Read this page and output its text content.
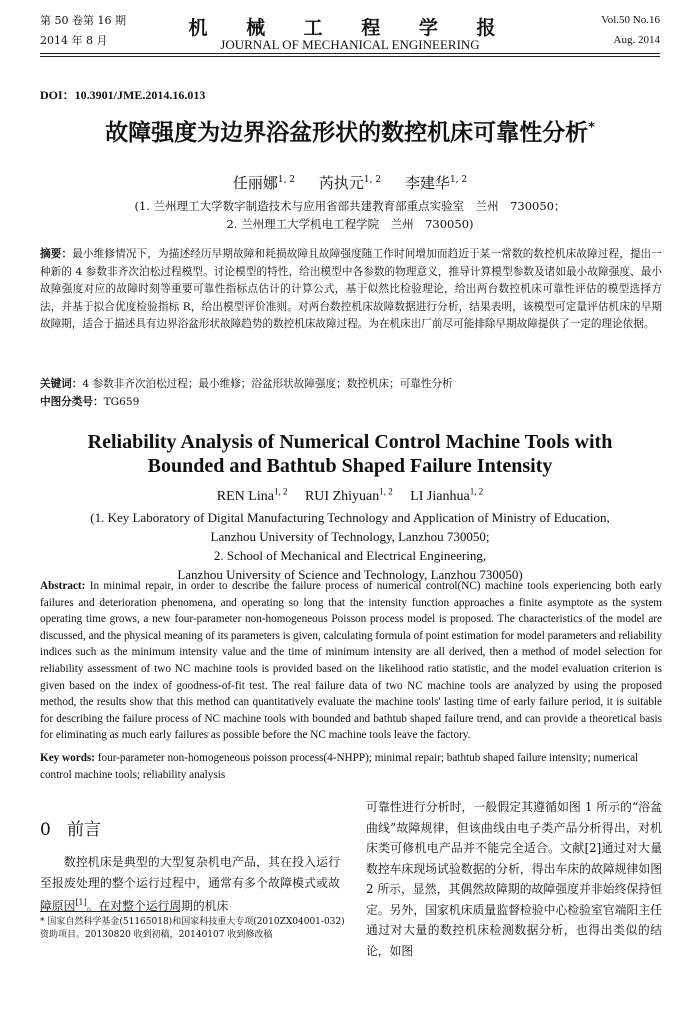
第 50 卷第 16 期
2014 年 8 月
机 械 工 程 学 报
JOURNAL OF MECHANICAL ENGINEERING
Vol.50 No.16
Aug. 2014
DOI：10.3901/JME.2014.16.013
故障强度为边界浴盆形状的数控机床可靠性分析*
任丽娜$^{1, 2}$ 芮执元$^{1, 2}$ 李建华$^{1, 2}$
(1. 兰州理工大学数字制造技术与应用省部共建教育部重点实验室　兰州　730050；
2. 兰州理工大学机电工程学院　兰州　730050)
摘要：最小维修情况下，为描述经历早期故障和耗损故障且故障强度随工作时间增加而趋近于某一常数的数控机床故障过程，提出一种新的 4 参数非齐次泊松过程模型。讨论模型的特性，给出模型中各参数的物理意义，推导计算模型参数及诸如最小故障强度、最小故障强度对应的故障时刻等重要可靠性指标点估计的计算公式，基于似然比检验理论，给出两台数控机床可靠性评估的模型选择方法，并基于拟合优度检验指标 R，给出模型评价准则。对两台数控机床故障数据进行分析，结果表明，该模型可定量评估机床的早期故障期，适合于描述具有边界浴盆形状故障趋势的数控机床故障过程。为在机床出厂前尽可能排除早期故障提供了一定的理论依据。
关键词：4 参数非齐次泊松过程；最小维修；浴盆形状故障强度；数控机床；可靠性分析
中图分类号：TG659
Reliability Analysis of Numerical Control Machine Tools with
Bounded and Bathtub Shaped Failure Intensity
REN Lina$^{1, 2}$ RUI Zhiyuan$^{1, 2}$ LI Jianhua$^{1, 2}$
(1. Key Laboratory of Digital Manufacturing Technology and Application of Ministry of Education,
Lanzhou University of Technology, Lanzhou 730050;
2. School of Mechanical and Electrical Engineering,
Lanzhou University of Science and Technology, Lanzhou 730050)
Abstract: In minimal repair, in order to describe the failure process of numerical control(NC) machine tools experiencing both early failures and deterioration phenomena, and operating so long that the intensity function approaches a finite asymptote as the system operating time grows, a new four-parameter non-homogeneous Poisson process model is proposed. The characteristics of the model are discussed, and the physical meaning of its parameters is given, calculating formula of point estimation for model parameters and reliability indices such as the minimum intensity value and the time of minimum intensity are all derived, then a method of model selection for reliability assessment of two NC machine tools is provided based on the likelihood ratio statistic, and the model evaluation criterion is given based on the index of goodness-of-fit test. The real failure data of two NC machine tools are analyzed by using the proposed method, the results show that this method can quantitatively evaluate the machine tools' lasting time of early failure period, it is suitable for describing the failure process of NC machine tools with bounded and bathtub shaped failure trend, and can provide a theoretical basis for eliminating as much early failures as possible before the NC machine tools leave the factory.
Key words: four-parameter non-homogeneous poisson process(4-NHPP); minimal repair; bathtub shaped failure intensity; numerical control machine tools; reliability analysis
0 前言
数控机床是典型的大型复杂机电产品，其在投入运行至报废处理的整个运行过程中，通常有多个故障模式或故障原因[1]。在对整个运行周期的机床
可靠性进行分析时，一般假定其遵循如图 1 所示的“浴盆曲线”故障规律，但该曲线由电子类产品分析得出，对机床类可修机电产品并不能完全适合。文献[2]通过对大量数控车床现场试验数据的分析，得出车床的故障规律如图 2 所示，显然，其偶然故障期的故障强度并非始终保持恒定。另外，国家机床质量监督检验中心检验室官端阳主任通过对大量的数控机床检测数据分析，也得出类似的结论，如图
* 国家自然科学基金(51165018)和国家科技重大专项(2010ZX04001-032)资助项目。20130820 收到初稿，20140107 收到修改稿
